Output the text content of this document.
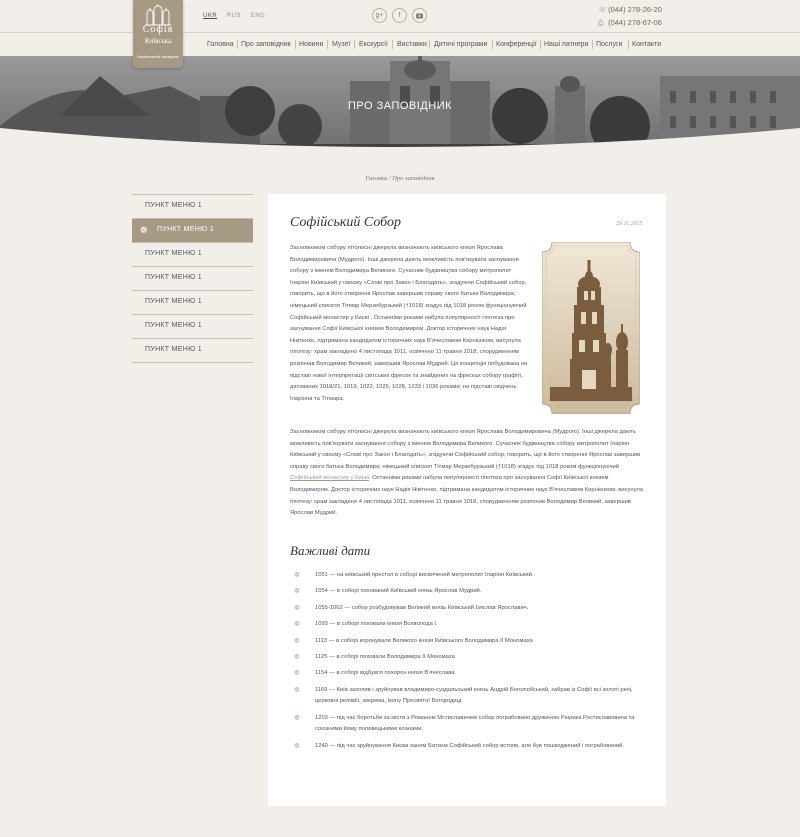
Софія
Київська
Національний заповідник
UKR RUS ENG	g+	f
☏ (044) 278-26-20
⎙ (044) 278-67-06
Головна Про заповідник Новини Музеї Екскурсії Виставки Дитячі програми Конференції Наші патнери Послуги Контакти
ПРО ЗАПОВІДНИК
Головна / Про заповідник
ПУНКТ МЕНЮ 1
❁ ПУНКТ МЕНЮ 1
ПУНКТ МЕНЮ 1
ПУНКТ МЕНЮ 1
ПУНКТ МЕНЮ 1
ПУНКТ МЕНЮ 1
ПУНКТ МЕНЮ 1
Софійський Собор	29.11.2015
Засновником собору літописні джерела визначають київського князя Ярослава Володимировича (Мудрого). Інші джерела дають можливість пов'язувати заснування собору з іменем Володимира Великого. Сучасник будівництва собору митрополит Іларіон Київський у своєму «Слові про Закон і Благодать», згадуючи Софійський собор, говорить, що в його створенні Ярослав завершив справу свого батька Володимира; німецький єпископ Тітмар Мерзебурзький (†1018) згадує під 1018 роком функціонуючий Софійський монастир у Києві . Останніми роками набула популярності гіпотеза про заснування Софії Київської князем Володимиром. Доктор історичних наук Надія Нікітенко, підтримана кандидатом історичних наук В'ячеславом Корнієнком, висунула гіпотезу: храм закладено 4 листопада 1011, освячено 11 травня 1018, спорудженням розпочав Володимир Великий, завершив Ярослав Мудрий. Ця концепція побудована на підставі нової інтерпретації світських фресок та знайдених на фресках собору графіті, датованих 1018/21, 1019, 1022, 1025, 1028, 1033 і 1036 роками; на підставі свідчень Іларіона та Тітмара.
Засновником собору літописні джерела визначають київського князя Ярослава Володимировича (Мудрого). Інші джерела дають можливість пов'язувати заснування собору з іменем Володимира Великого. Сучасник будівництва собору митрополит Іларіон Київський у своєму «Слові про Закон і Благодать», згадуючи Софійський собор, говорить, що в його створенні Ярослав завершив справу свого батька Володимира; німецький єпископ Тітмар Мерзебурзький (†1018) згадує під 1018 роком функціонуючий Софійський монастир у Києві. Останніми роками набула популярності гіпотеза про заснування Софії Київської князем Володимиром. Доктор історичних наук Надія Нікітенко, підтримана кандидатом історичних наук В'ячеславом Корнієнком, висунула гіпотезу: храм закладено 4 листопада 1011, освячено 11 травня 1018, спорудженням розпочав Володимир Великий, завершив Ярослав Мудрий.
Важливі дати
❁	1051 — на київський престол в соборі висвячений митрополит Іларіон Київський.
❁	1054 — в соборі похований Київський князь Ярослав Мудрий.
❁	1055-1062 — собор розбудовував Великий князь Київський Ізяслав Ярославич.
❁	1093 — в соборі поховали князя Всеволода І.
❁	1113 — в соборі коронували Великого князя Київського Володимира ІІ Мономаха
❁	1125 — в соборі поховали Володимира ІІ Мономаха
❁	1154 — в соборі відбувся похорон князя В'ячеслава.
❁	1169 — Київ захопив і зруйнував владимиро-суздальський князь Андрій Боголюбський, забрав із Софії всі золоті речі, церковні реліквії, зокрема, Ікону Пресвятої Богородиці.
❁	1203 — під час боротьби за місто з Романом Мстиславичем собор пограбовано дружиною Рюрика Ростиславовича та союзними йому половецькими кланами.
❁	1240 — під час зруйнування Києва ханом Батиєм Софійський собор встояв, але був пошкоджений і пограбований.
